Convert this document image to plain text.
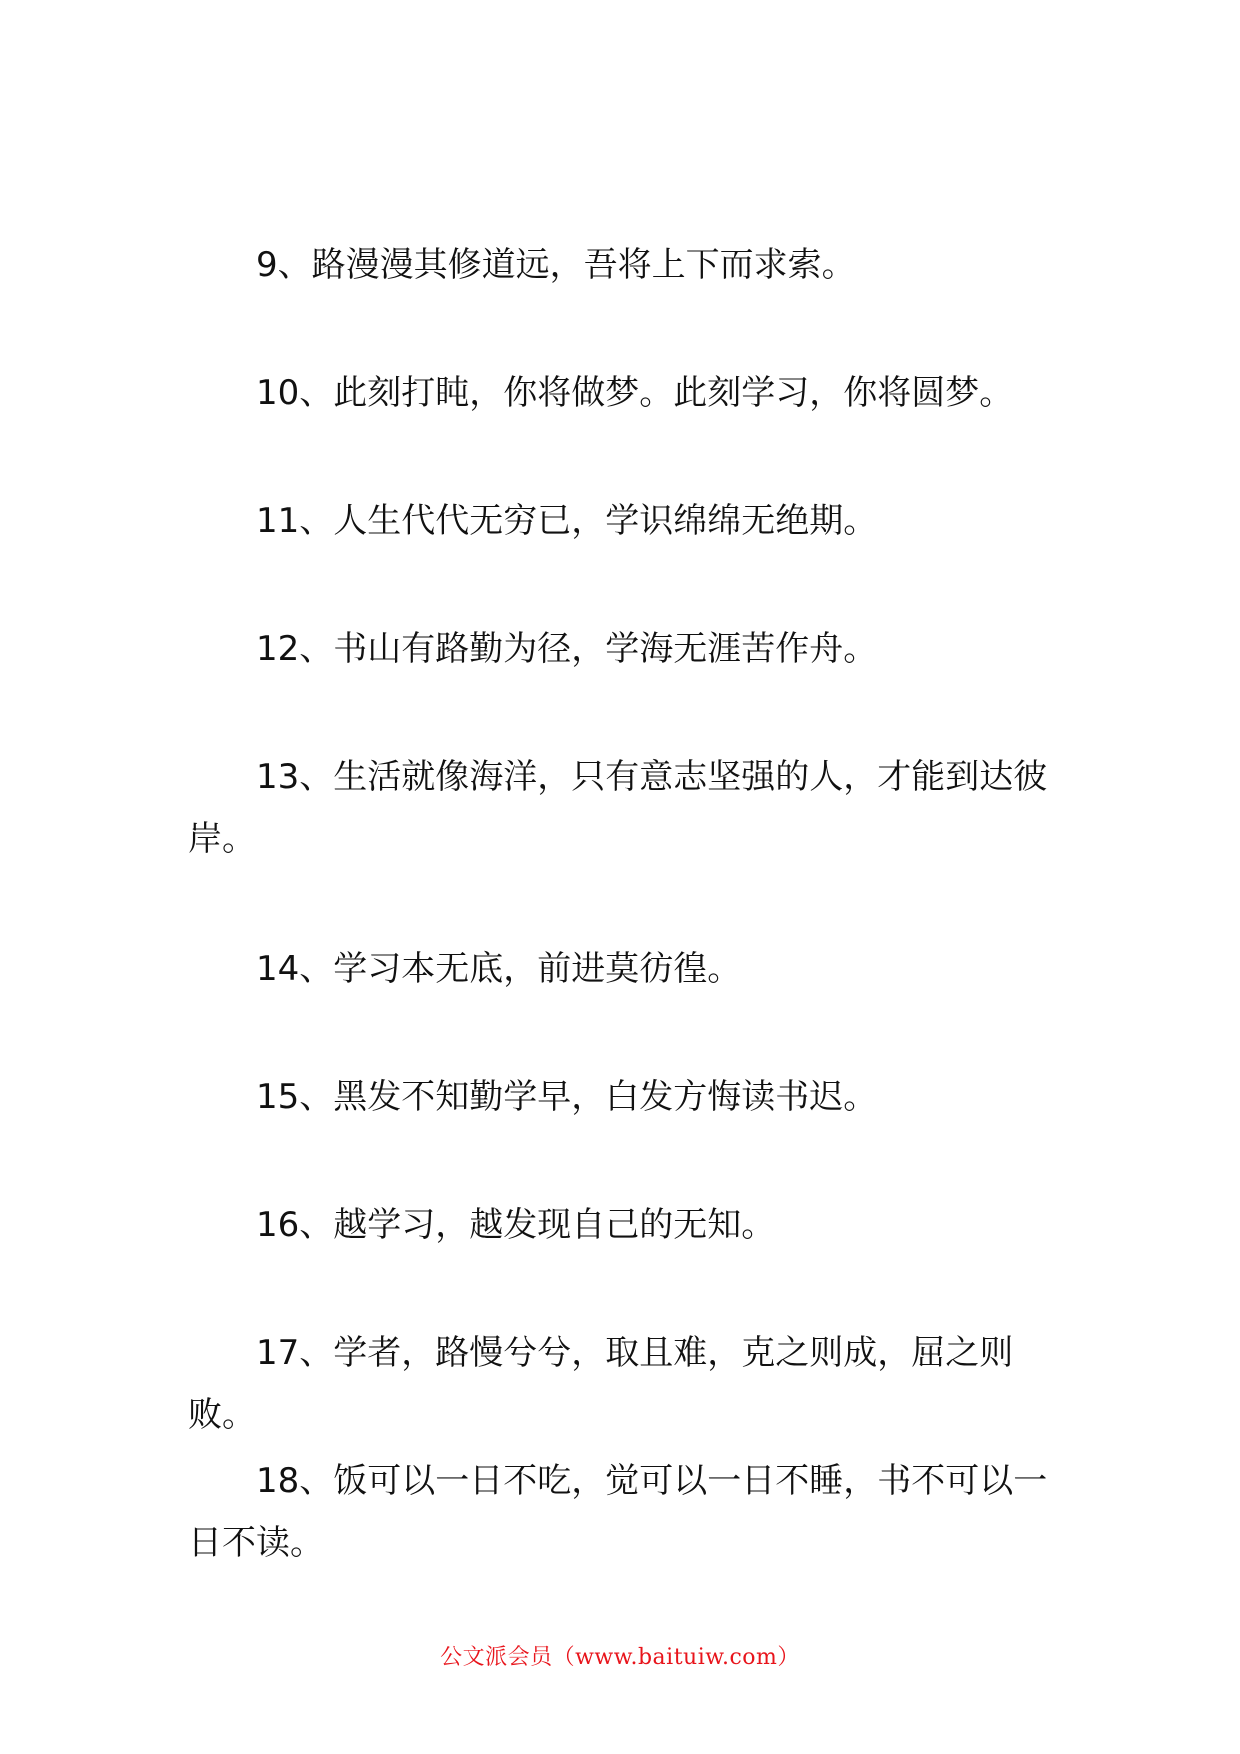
9、路漫漫其修道远，吾将上下而求索。

10、此刻打盹，你将做梦。此刻学习，你将圆梦。

11、人生代代无穷已，学识绵绵无绝期。

12、书山有路勤为径，学海无涯苦作舟。

13、生活就像海洋，只有意志坚强的人，才能到达彼岸。

14、学习本无底，前进莫彷徨。

15、黑发不知勤学早，白发方悔读书迟。

16、越学习，越发现自己的无知。

17、学者，路慢兮兮，取且难，克之则成，屈之则败。

18、饭可以一日不吃，觉可以一日不睡，书不可以一日不读。

公文派会员（www.baituiw.com）
